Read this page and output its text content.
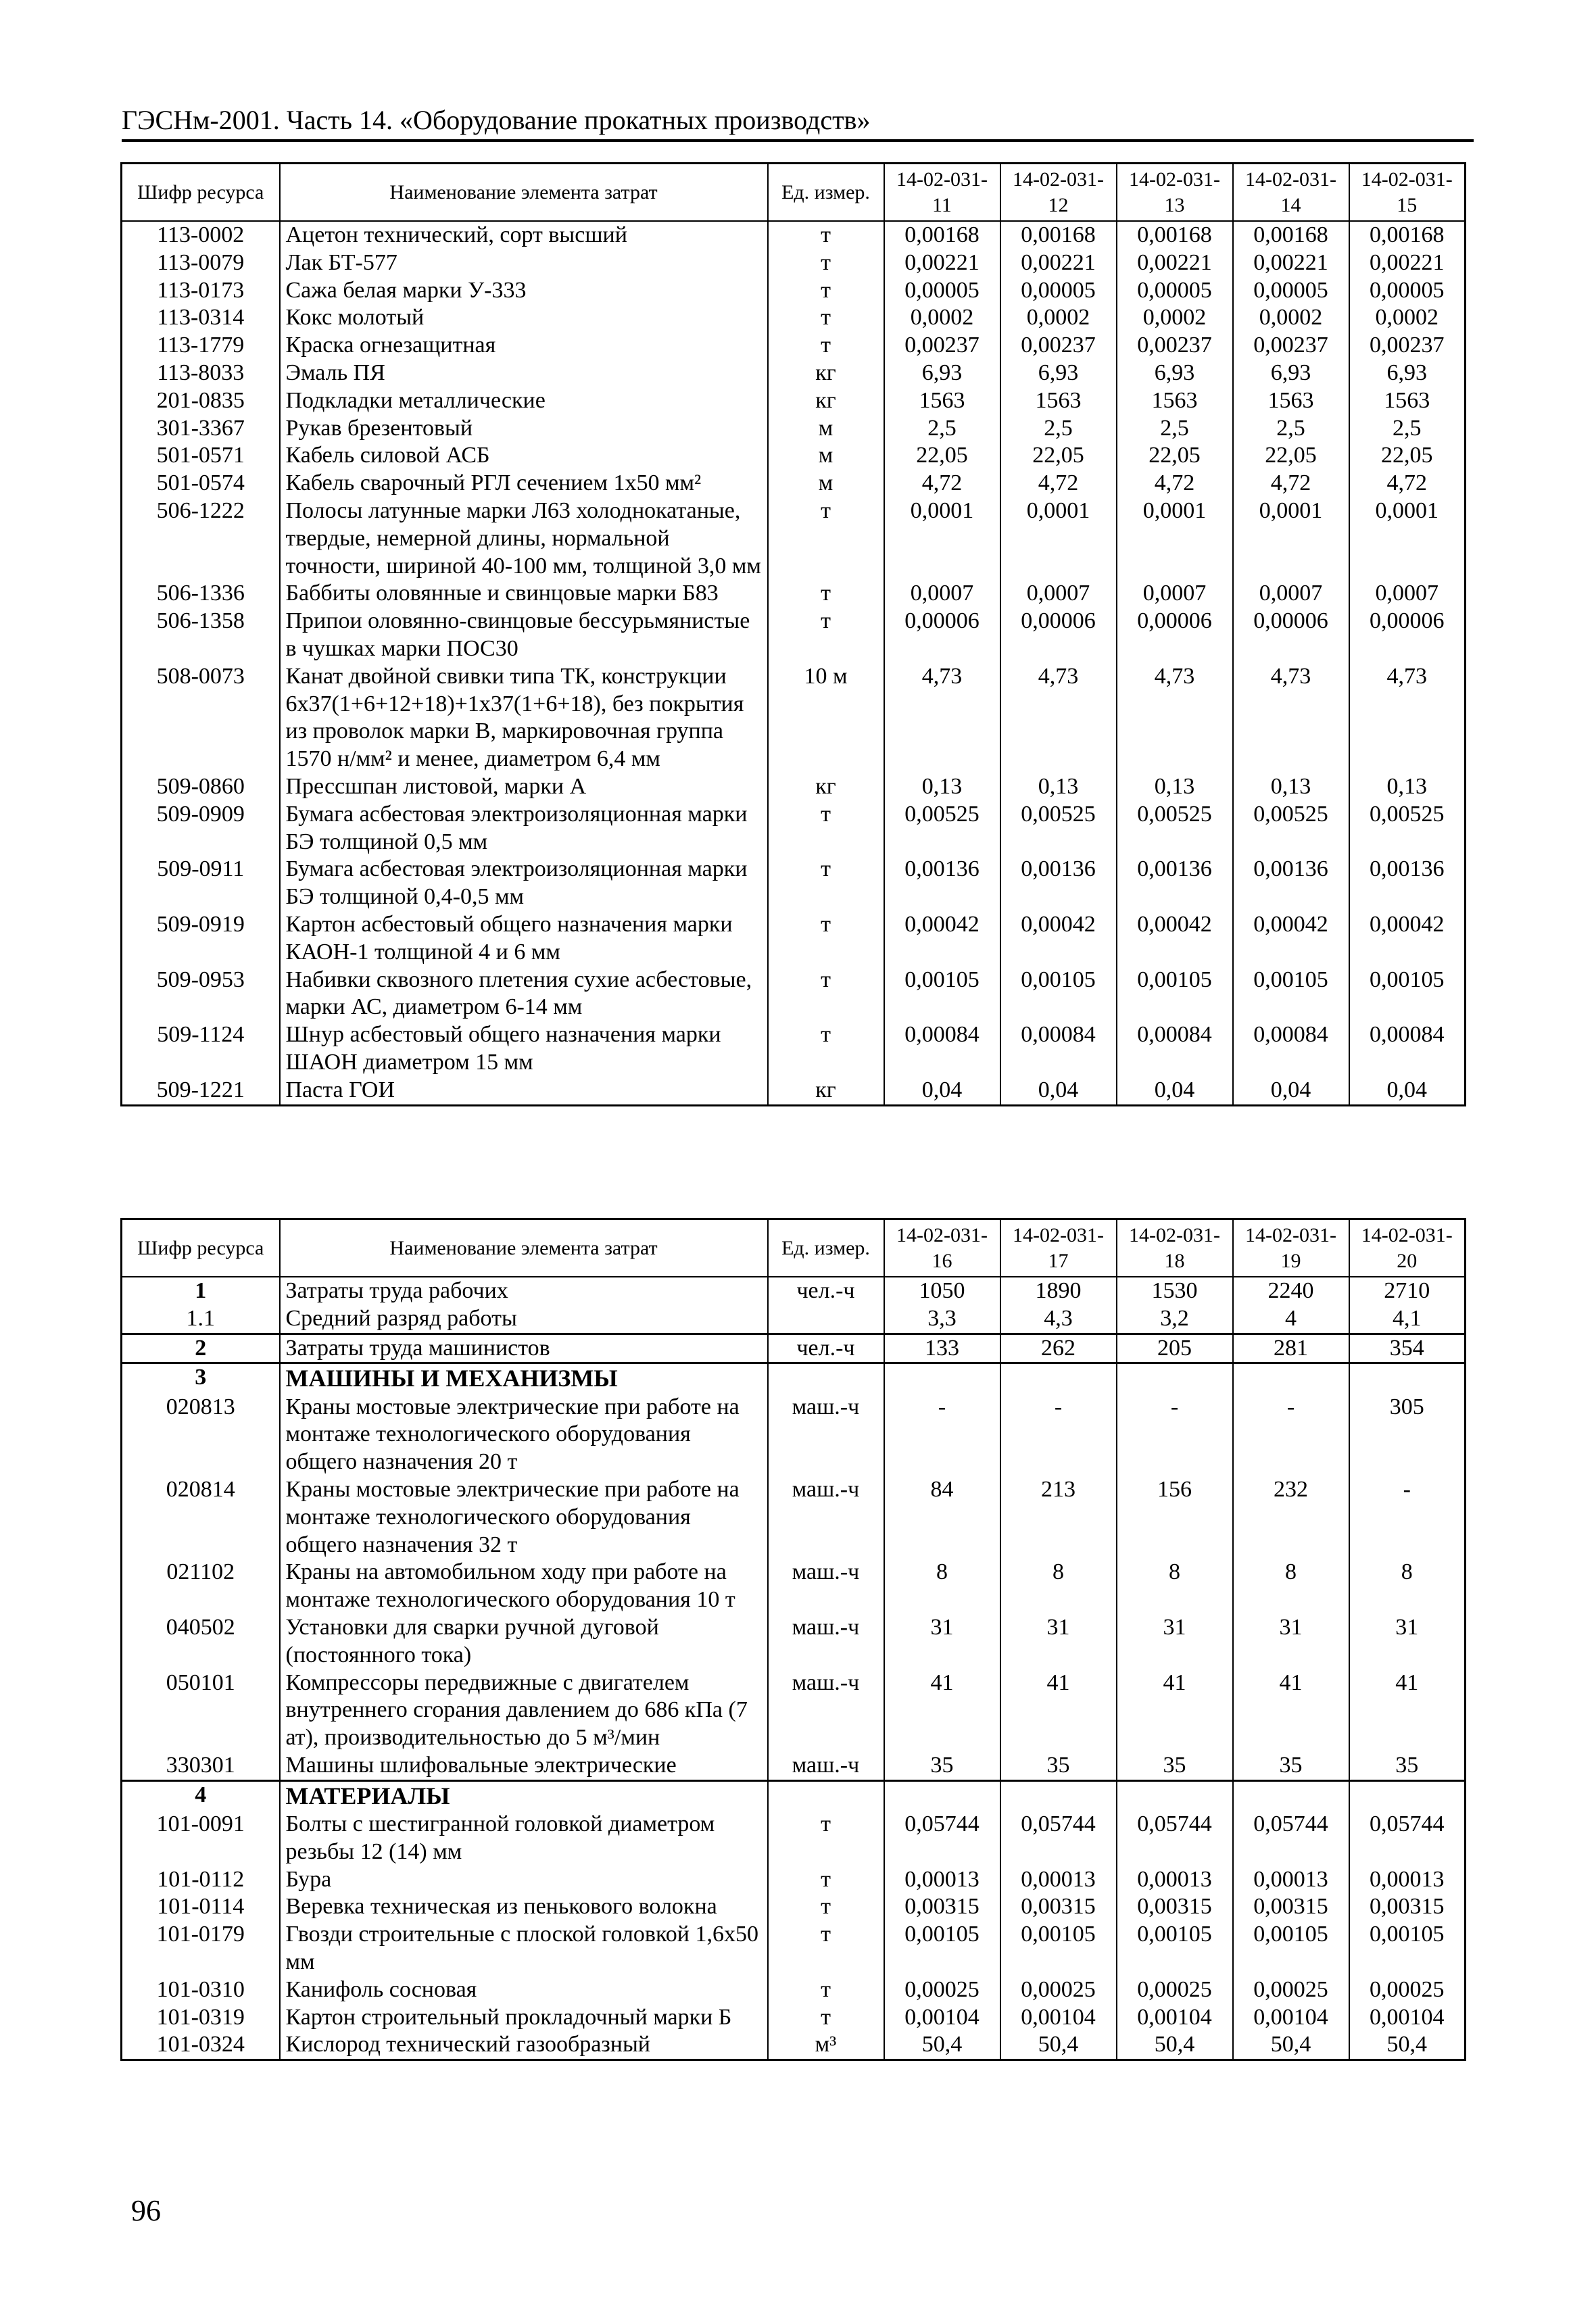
ГЭСНм-2001. Часть 14. «Оборудование прокатных производств»
Шифр ресурса	Наименование элемента затрат	Ед. измер.	14-02-031-11	14-02-031-12	14-02-031-13	14-02-031-14	14-02-031-15
113-0002	Ацетон технический, сорт высший	т	0,00168	0,00168	0,00168	0,00168	0,00168
113-0079	Лак БТ-577	т	0,00221	0,00221	0,00221	0,00221	0,00221
113-0173	Сажа белая марки У-333	т	0,00005	0,00005	0,00005	0,00005	0,00005
113-0314	Кокс молотый	т	0,0002	0,0002	0,0002	0,0002	0,0002
113-1779	Краска огнезащитная	т	0,00237	0,00237	0,00237	0,00237	0,00237
113-8033	Эмаль ПЯ	кг	6,93	6,93	6,93	6,93	6,93
201-0835	Подкладки металлические	кг	1563	1563	1563	1563	1563
301-3367	Рукав брезентовый	м	2,5	2,5	2,5	2,5	2,5
501-0571	Кабель силовой АСБ	м	22,05	22,05	22,05	22,05	22,05
501-0574	Кабель сварочный РГЛ сечением 1х50 мм²	м	4,72	4,72	4,72	4,72	4,72
506-1222	Полосы латунные марки Л63 холоднокатаные, твердые, немерной длины, нормальной точности, шириной 40-100 мм, толщиной 3,0 мм	т	0,0001	0,0001	0,0001	0,0001	0,0001
506-1336	Баббиты оловянные и свинцовые марки Б83	т	0,0007	0,0007	0,0007	0,0007	0,0007
506-1358	Припои оловянно-свинцовые бессурьмянистые в чушках марки ПОС30	т	0,00006	0,00006	0,00006	0,00006	0,00006
508-0073	Канат двойной свивки типа ТК, конструкции 6х37(1+6+12+18)+1х37(1+6+18), без покрытия из проволок марки В, маркировочная группа 1570 н/мм² и менее, диаметром 6,4 мм	10 м	4,73	4,73	4,73	4,73	4,73
509-0860	Прессшпан листовой, марки А	кг	0,13	0,13	0,13	0,13	0,13
509-0909	Бумага асбестовая электроизоляционная марки БЭ толщиной 0,5 мм	т	0,00525	0,00525	0,00525	0,00525	0,00525
509-0911	Бумага асбестовая электроизоляционная марки БЭ толщиной 0,4-0,5 мм	т	0,00136	0,00136	0,00136	0,00136	0,00136
509-0919	Картон асбестовый общего назначения марки КАОН-1 толщиной 4 и 6 мм	т	0,00042	0,00042	0,00042	0,00042	0,00042
509-0953	Набивки сквозного плетения сухие асбестовые, марки АС, диаметром 6-14 мм	т	0,00105	0,00105	0,00105	0,00105	0,00105
509-1124	Шнур асбестовый общего назначения марки ШАОН диаметром 15 мм	т	0,00084	0,00084	0,00084	0,00084	0,00084
509-1221	Паста ГОИ	кг	0,04	0,04	0,04	0,04	0,04
Шифр ресурса	Наименование элемента затрат	Ед. измер.	14-02-031-16	14-02-031-17	14-02-031-18	14-02-031-19	14-02-031-20
1	Затраты труда рабочих	чел.-ч	1050	1890	1530	2240	2710
1.1	Средний разряд работы		3,3	4,3	3,2	4	4,1
2	Затраты труда машинистов	чел.-ч	133	262	205	281	354
3	МАШИНЫ И МЕХАНИЗМЫ						
020813	Краны мостовые электрические при работе на монтаже технологического оборудования общего назначения 20 т	маш.-ч	-	-	-	-	305
020814	Краны мостовые электрические при работе на монтаже технологического оборудования общего назначения 32 т	маш.-ч	84	213	156	232	-
021102	Краны на автомобильном ходу при работе на монтаже технологического оборудования 10 т	маш.-ч	8	8	8	8	8
040502	Установки для сварки ручной дуговой (постоянного тока)	маш.-ч	31	31	31	31	31
050101	Компрессоры передвижные с двигателем внутреннего сгорания давлением до 686 кПа (7 ат), производительностью до 5 м³/мин	маш.-ч	41	41	41	41	41
330301	Машины шлифовальные электрические	маш.-ч	35	35	35	35	35
4	МАТЕРИАЛЫ						
101-0091	Болты с шестигранной головкой диаметром резьбы 12 (14) мм	т	0,05744	0,05744	0,05744	0,05744	0,05744
101-0112	Бура	т	0,00013	0,00013	0,00013	0,00013	0,00013
101-0114	Веревка техническая из пенькового волокна	т	0,00315	0,00315	0,00315	0,00315	0,00315
101-0179	Гвозди строительные с плоской головкой 1,6х50 мм	т	0,00105	0,00105	0,00105	0,00105	0,00105
101-0310	Канифоль сосновая	т	0,00025	0,00025	0,00025	0,00025	0,00025
101-0319	Картон строительный прокладочный марки Б	т	0,00104	0,00104	0,00104	0,00104	0,00104
101-0324	Кислород технический газообразный	м³	50,4	50,4	50,4	50,4	50,4
96
